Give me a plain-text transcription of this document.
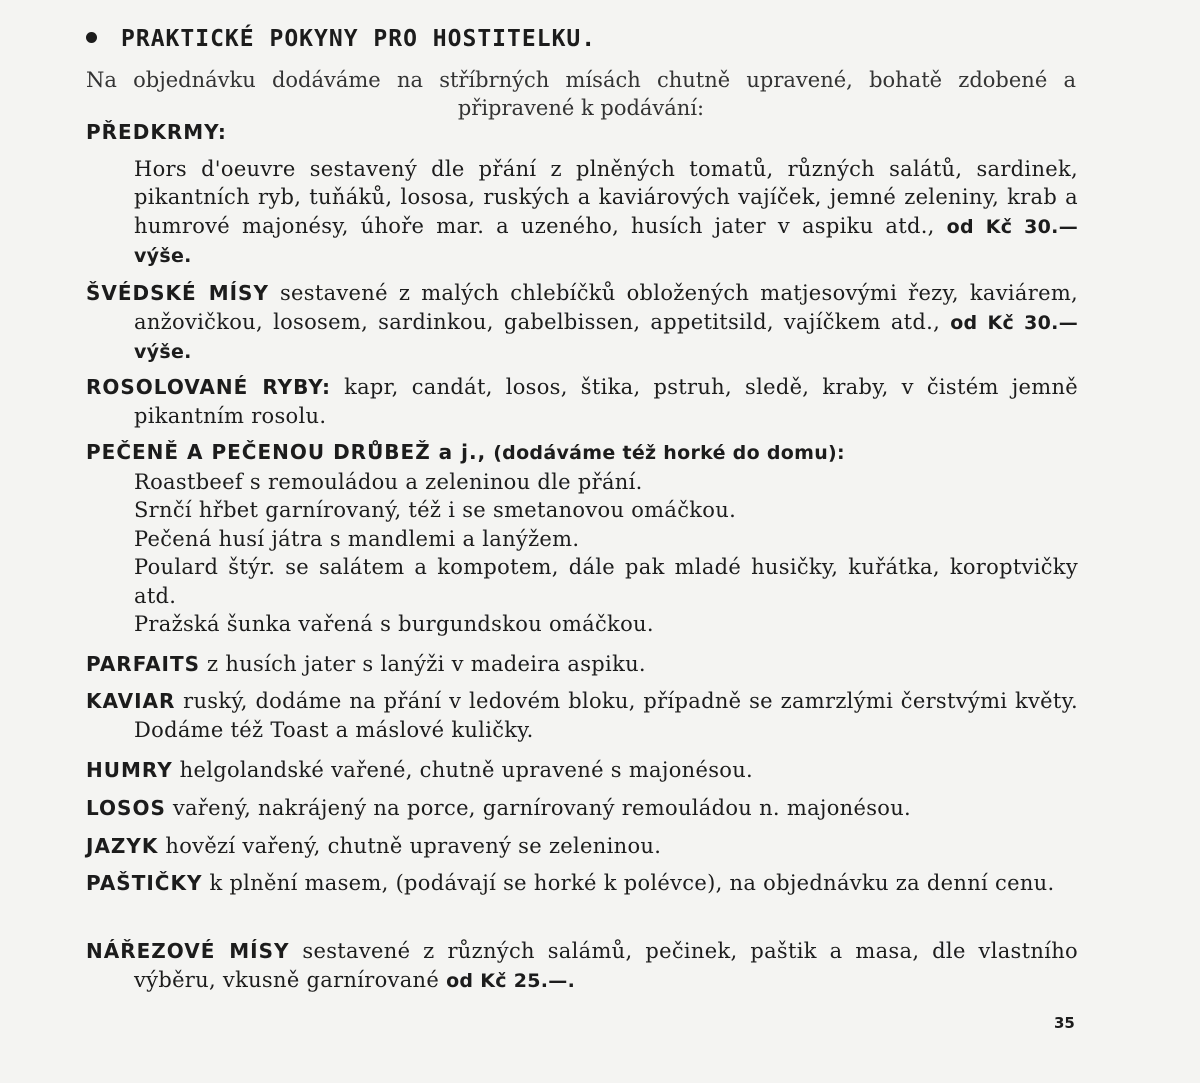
PRAKTICKÉ POKYNY PRO HOSTITELKU.
Na objednávku dodáváme na stříbrných mísách chutně upravené, bohatě zdobené a připravené k podávání:
PŘEDKRMY:
Hors d'oeuvre sestavený dle přání z plněných tomatů, různých salátů, sardinek, pikantních ryb, tuňáků, lososa, ruských a kaviárových vajíček, jemné zeleniny, krab a humrové majonésy, úhoře mar. a uzeného, husích jater v aspiku atd., od Kč 30.— výše.
ŠVÉDSKÉ MÍSY sestavené z malých chlebíčků obložených matjesovými řezy, kaviárem, anžovičkou, lososem, sardinkou, gabelbissen, appetitsild, vajíčkem atd., od Kč 30.— výše.
ROSOLOVANÉ RYBY: kapr, candát, losos, štika, pstruh, sledě, kraby, v čistém jemně pikantním rosolu.
PEČENĚ A PEČENOU DRŮBEŽ a j., (dodáváme též horké do domu):
Roastbeef s remouládou a zeleninou dle přání.
Srnčí hřbet garnírovaný, též i se smetanovou omáčkou.
Pečená husí játra s mandlemi a lanýžem.
Poulard štýr. se salátem a kompotem, dále pak mladé husičky, kuřátka, koroptvičky atd.
Pražská šunka vařená s burgundskou omáčkou.
PARFAITS z husích jater s lanýži v madeira aspiku.
KAVIAR ruský, dodáme na přání v ledovém bloku, případně se zamrzlými čerstvými květy. Dodáme též Toast a máslové kuličky.
HUMRY helgolandské vařené, chutně upravené s majonésou.
LOSOS vařený, nakrájený na porce, garnírovaný remouládou n. majonésou.
JAZYK hovězí vařený, chutně upravený se zeleninou.
PAŠTIČKY k plnění masem, (podávají se horké k polévce), na objednávku za denní cenu.
NÁŘEZOVÉ MÍSY sestavené z různých salámů, pečinek, paštik a masa, dle vlastního výběru, vkusně garnírované od Kč 25.—.
35
